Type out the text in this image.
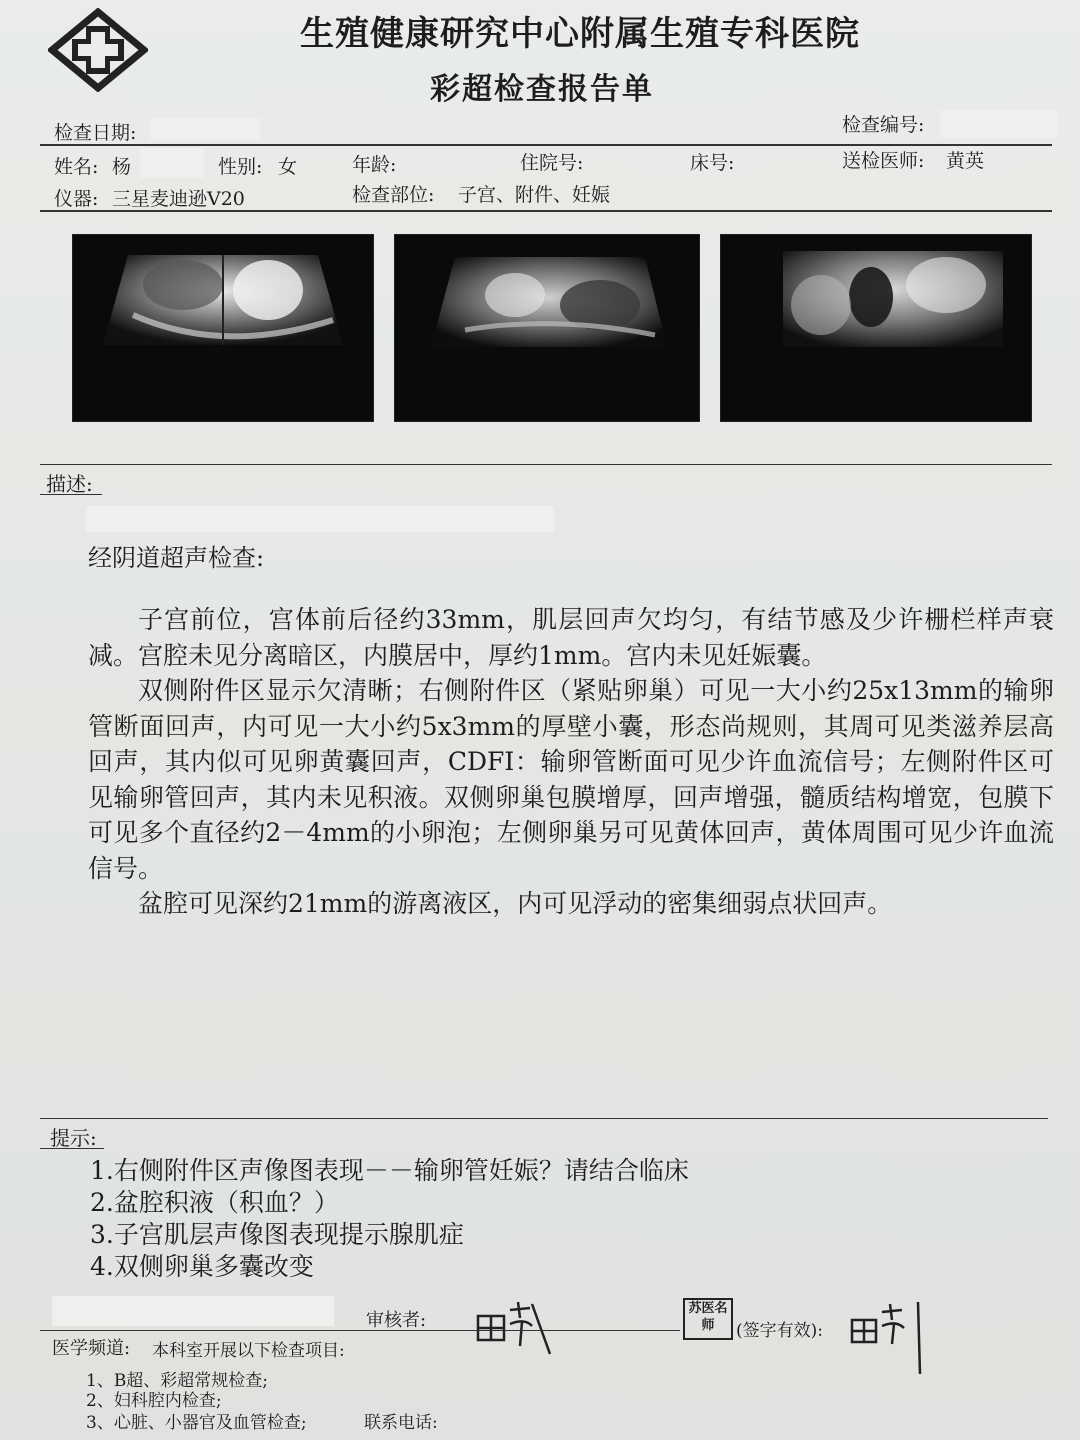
生殖健康研究中心附属生殖专科医院
彩超检查报告单
检查日期:	检查编号:
姓名: 杨	性别: 女	年龄:	住院号:	床号:	送检医师: 黄英
仪器: 三星麦迪逊V20	检查部位: 子宫、附件、妊娠
描述:
经阴道超声检查:

子宫前位，宫体前后径约33mm，肌层回声欠均匀，有结节感及少许栅栏样声衰减。宫腔未见分离暗区，内膜居中，厚约1mm。宫内未见妊娠囊。

双侧附件区显示欠清晰；右侧附件区（紧贴卵巢）可见一大小约25x13mm的输卵管断面回声，内可见一大小约5x3mm的厚壁小囊，形态尚规则，其周可见类滋养层高回声，其内似可见卵黄囊回声，CDFI：输卵管断面可见少许血流信号；左侧附件区可见输卵管回声，其内未见积液。双侧卵巢包膜增厚，回声增强，髓质结构增宽，包膜下可见多个直径约2－4mm的小卵泡；左侧卵巢另可见黄体回声，黄体周围可见少许血流信号。

盆腔可见深约21mm的游离液区，内可见浮动的密集细弱点状回声。

提示:
1.右侧附件区声像图表现－－输卵管妊娠？请结合临床
2.盆腔积液（积血？）
3.子宫肌层声像图表现提示腺肌症
4.双侧卵巢多囊改变
审核者:
苏医名师	(签字有效):
医学频道: 本科室开展以下检查项目:
1、B超、彩超常规检查;
2、妇科腔内检查;
3、心脏、小器官及血管检查;	联系电话:
